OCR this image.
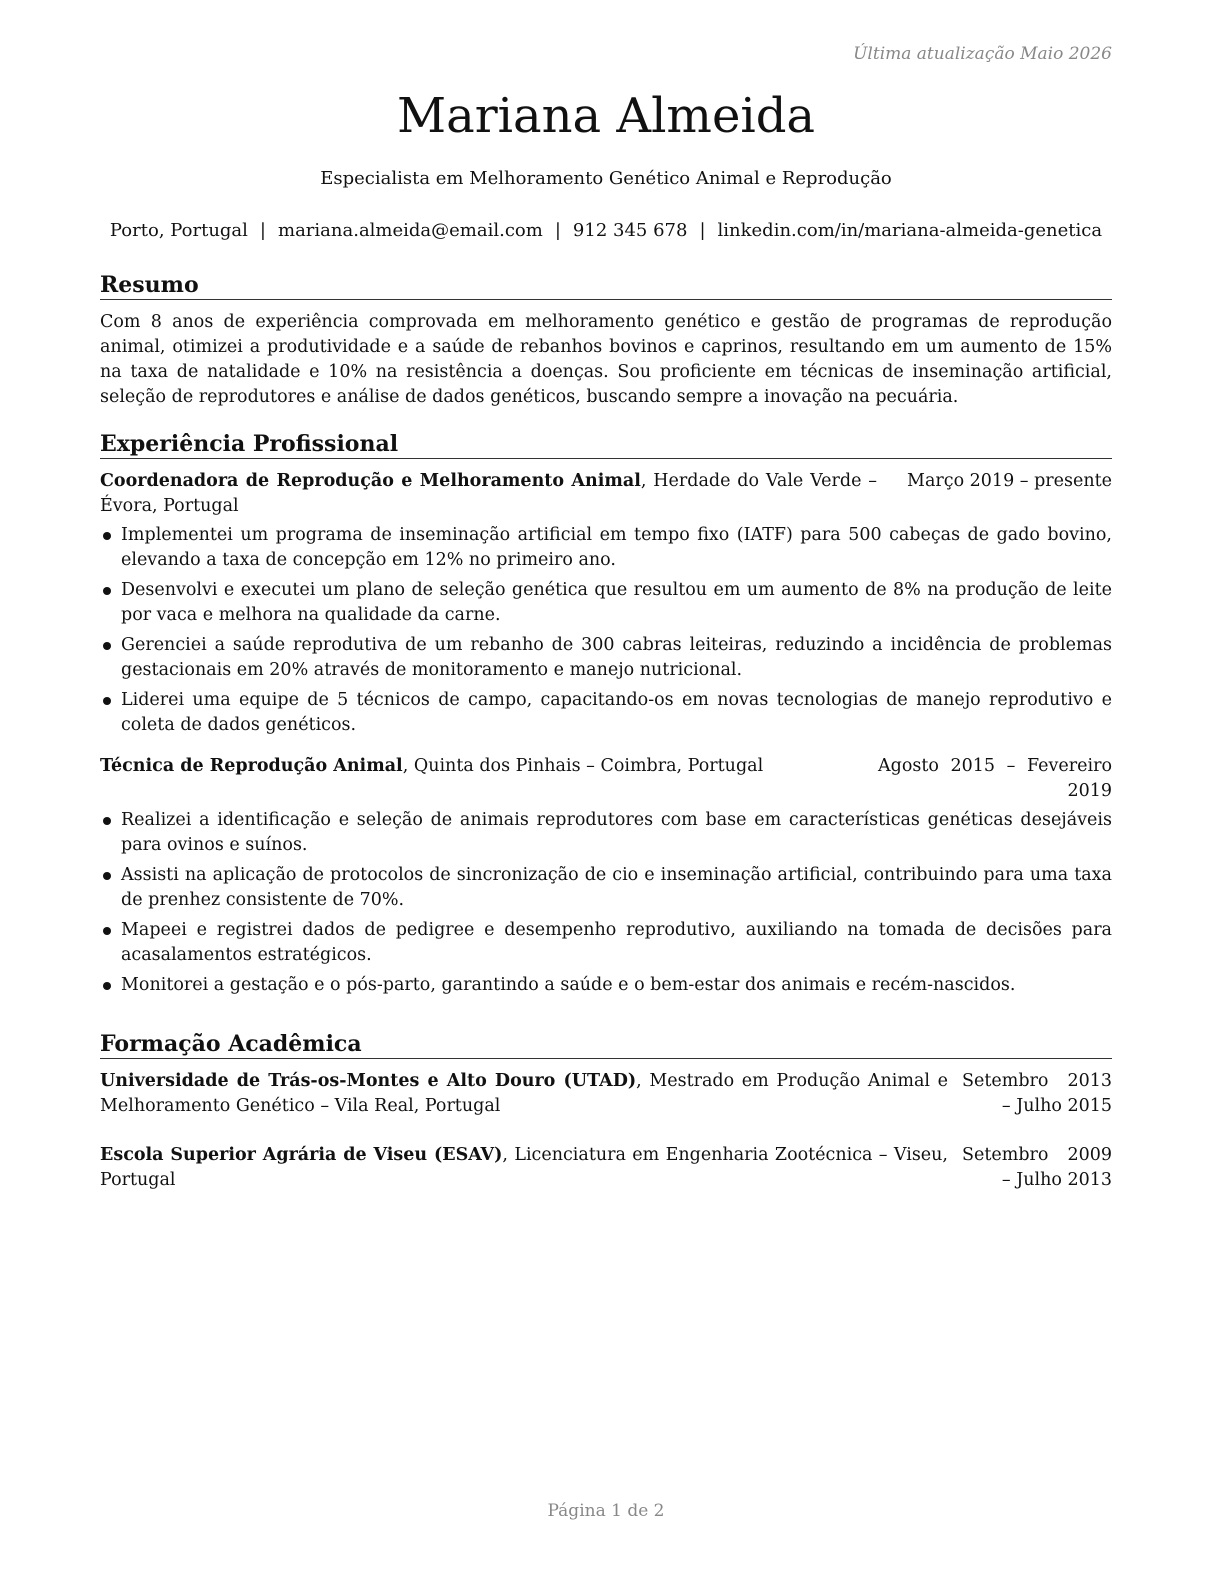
Última atualização Maio 2026
Mariana Almeida
Especialista em Melhoramento Genético Animal e Reprodução
Porto, Portugal | mariana.almeida@email.com | 912 345 678 | linkedin.com/in/mariana-almeida-genetica
Resumo

Com 8 anos de experiência comprovada em melhoramento genético e gestão de programas de reprodução animal, otimizei a produtividade e a saúde de rebanhos bovinos e caprinos, resultando em um aumento de 15% na taxa de natalidade e 10% na resistência a doenças. Sou proficiente em técnicas de inseminação artificial, seleção de reprodutores e análise de dados genéticos, buscando sempre a inovação na pecuária.

Experiência Profissional
Coordenadora de Reprodução e Melhoramento Animal, Herdade do Vale Verde – Évora, Portugal
Março 2019 – presente
Implementei um programa de inseminação artificial em tempo fixo (IATF) para 500 cabeças de gado bovino, elevando a taxa de concepção em 12% no primeiro ano.
Desenvolvi e executei um plano de seleção genética que resultou em um aumento de 8% na produção de leite por vaca e melhora na qualidade da carne.
Gerenciei a saúde reprodutiva de um rebanho de 300 cabras leiteiras, reduzindo a incidência de problemas gestacionais em 20% através de monitoramento e manejo nutricional.
Liderei uma equipe de 5 técnicos de campo, capacitando-os em novas tecnologias de manejo reprodutivo e coleta de dados genéticos.
Técnica de Reprodução Animal, Quinta dos Pinhais – Coimbra, Portugal	Agosto 2015 – Fevereiro 2019
Realizei a identificação e seleção de animais reprodutores com base em características genéticas desejáveis para ovinos e suínos.
Assisti na aplicação de protocolos de sincronização de cio e inseminação artificial, contribuindo para uma taxa de prenhez consistente de 70%.
Mapeei e registrei dados de pedigree e desempenho reprodutivo, auxiliando na tomada de decisões para acasalamentos estratégicos.
Monitorei a gestação e o pós-parto, garantindo a saúde e o bem-estar dos animais e recém-nascidos.
Formação Acadêmica
Universidade de Trás-os-Montes e Alto Douro (UTAD), Mestrado em Produção Animal e Melhoramento Genético – Vila Real, Portugal
Setembro 2013 – Julho 2015
Escola Superior Agrária de Viseu (ESAV), Licenciatura em Engenharia Zootécnica – Viseu, Portugal
Setembro 2009 – Julho 2013
Página 1 de 2
